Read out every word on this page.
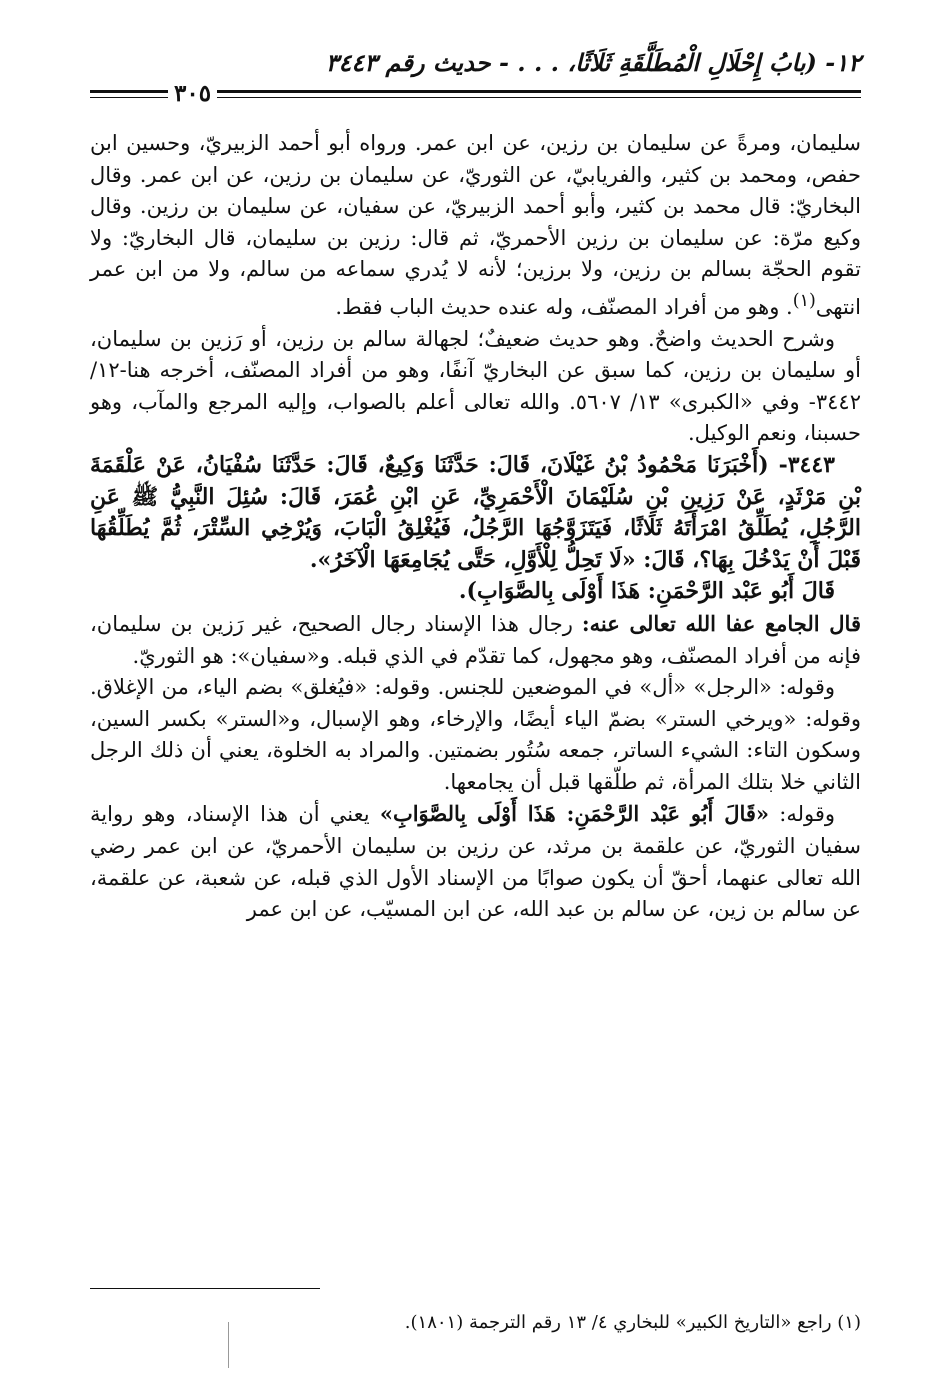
١٢- (بابُ إِحْلَالِ الْمُطَلَّقَةِ ثَلَاثًا، . . . - حديث رقم ٣٤٤٣
٣٠٥

سليمان، ومرةً عن سليمان بن رزين، عن ابن عمر. ورواه أبو أحمد الزبيريّ، وحسين ابن حفص، ومحمد بن كثير، والفريابيّ، عن الثوريّ، عن سليمان بن رزين، عن ابن عمر. وقال البخاريّ: قال محمد بن كثير، وأبو أحمد الزبيريّ، عن سفيان، عن سليمان بن رزين. وقال وكيع مرّة: عن سليمان بن رزين الأحمريّ، ثم قال: رزين بن سليمان، قال البخاريّ: ولا تقوم الحجّة بسالم بن رزين، ولا برزين؛ لأنه لا يُدري سماعه من سالم، ولا من ابن عمر انتهى$^{(١)}$. وهو من أفراد المصنّف، وله عنده حديث الباب فقط.

وشرح الحديث واضحٌ. وهو حديث ضعيفٌ؛ لجهالة سالم بن رزين، أو رَزين بن سليمان، أو سليمان بن رزين، كما سبق عن البخاريّ آنفًا، وهو من أفراد المصنّف، أخرجه هنا-١٢/ ٣٤٤٢- وفي «الكبرى» ١٣/ ٥٦٠٧. والله تعالى أعلم بالصواب، وإليه المرجع والمآب، وهو حسبنا، ونعم الوكيل.

٣٤٤٣- (أَخْبَرَنَا مَحْمُودُ بْنُ غَيْلَانَ، قَالَ: حَدَّثَنَا وَكِيعٌ، قَالَ: حَدَّثَنَا سُفْيَانُ، عَنْ عَلْقَمَةَ بْنِ مَرْثَدٍ، عَنْ رَزِينِ بْنِ سُلَيْمَانَ الْأَحْمَرِيِّ، عَنِ ابْنِ عُمَرَ، قَالَ: سُئِلَ النَّبِيُّ ﷺ عَنِ الرَّجُلِ، يُطَلِّقُ امْرَأَتَهُ ثَلَاثًا، فَيَتَزَوَّجُهَا الرَّجُلُ، فَيُغْلِقُ الْبَابَ، وَيُرْخِي السِّتْرَ، ثُمَّ يُطَلِّقُهَا قَبْلَ أَنْ يَدْخُلَ بِهَا؟، قَالَ: «لَا تَحِلُّ لِلْأَوَّلِ، حَتَّى يُجَامِعَهَا الْآخَرُ».

قَالَ أَبُو عَبْد الرَّحْمَنِ: هَذَا أَوْلَى بِالصَّوَابِ).

قال الجامع عفا الله تعالى عنه: رجال هذا الإسناد رجال الصحيح، غير رَزين بن سليمان، فإنه من أفراد المصنّف، وهو مجهول، كما تقدّم في الذي قبله. و«سفيان»: هو الثوريّ.

وقوله: «الرجل» «أل» في الموضعين للجنس. وقوله: «فيُغلق» بضم الياء، من الإغلاق. وقوله: «ويرخي الستر» بضمّ الياء أيضًا، والإرخاء، وهو الإسبال، و«الستر» بكسر السين، وسكون التاء: الشيء الساتر، جمعه سُتُور بضمتين. والمراد به الخلوة، يعني أن ذلك الرجل الثاني خلا بتلك المرأة، ثم طلّقها قبل أن يجامعها.

وقوله: «قَالَ أَبُو عَبْد الرَّحْمَنِ: هَذَا أَوْلَى بِالصَّوَابِ» يعني أن هذا الإسناد، وهو رواية سفيان الثوريّ، عن علقمة بن مرثد، عن رزين بن سليمان الأحمريّ، عن ابن عمر رضي الله تعالى عنهما، أحقّ أن يكون صوابًا من الإسناد الأول الذي قبله، عن شعبة، عن علقمة، عن سالم بن زين، عن سالم بن عبد الله، عن ابن المسيّب، عن ابن عمر

(١) راجع «التاريخ الكبير» للبخاري ٤/ ١٣ رقم الترجمة (١٨٠١).
